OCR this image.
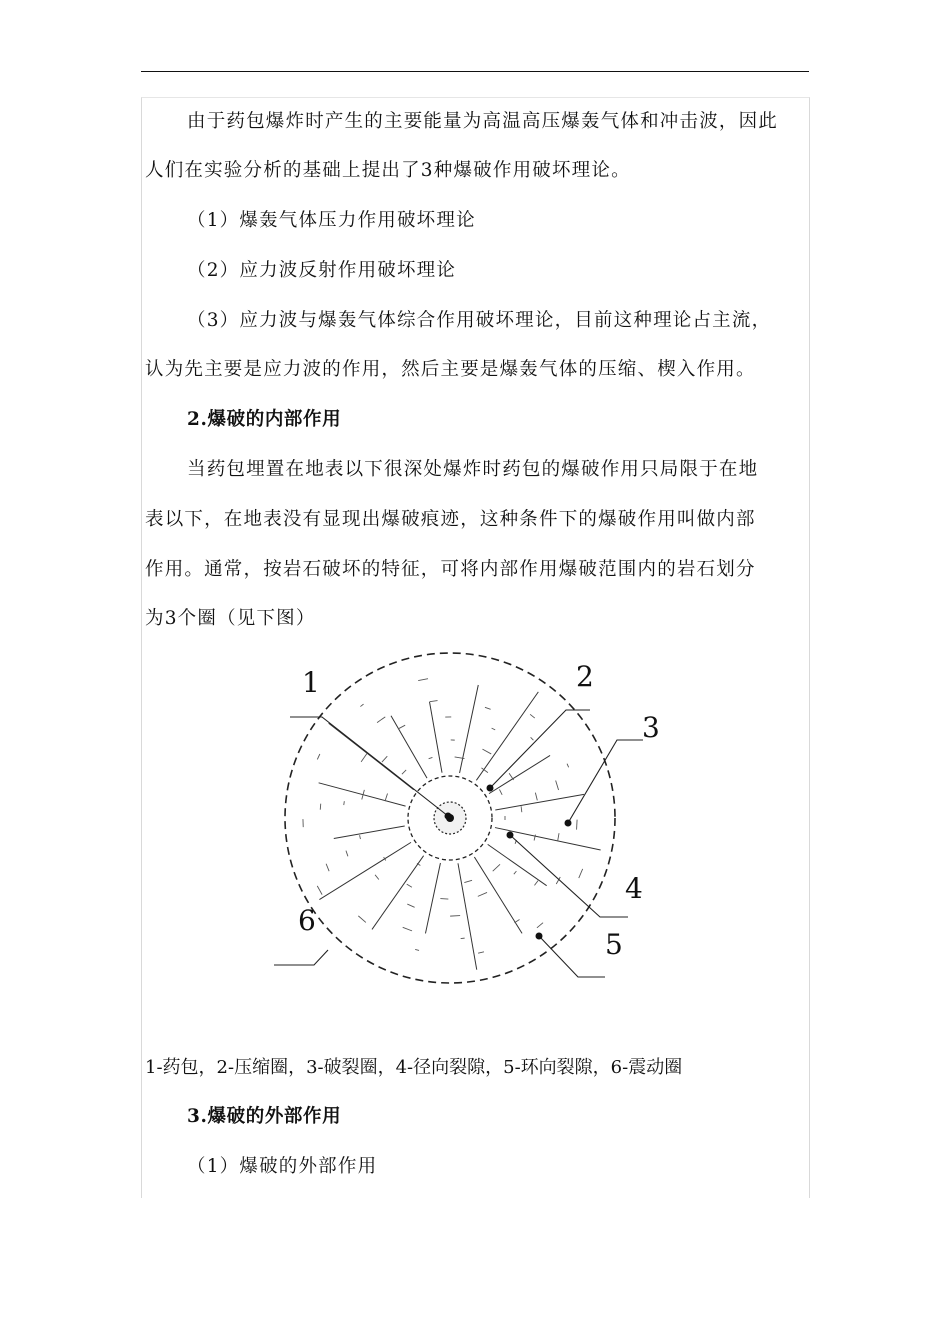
由于药包爆炸时产生的主要能量为高温高压爆轰气体和冲击波，因此
人们在实验分析的基础上提出了3种爆破作用破坏理论。
（1）爆轰气体压力作用破坏理论
（2）应力波反射作用破坏理论
（3）应力波与爆轰气体综合作用破坏理论，目前这种理论占主流，
认为先主要是应力波的作用，然后主要是爆轰气体的压缩、楔入作用。
2.爆破的内部作用
当药包埋置在地表以下很深处爆炸时药包的爆破作用只局限于在地
表以下，在地表没有显现出爆破痕迹，这种条件下的爆破作用叫做内部
作用。通常，按岩石破坏的特征，可将内部作用爆破范围内的岩石划分
为3个圈（见下图）
1	2
3
4
5
6
1-药包，2-压缩圈，3-破裂圈，4-径向裂隙，5-环向裂隙，6-震动圈
3.爆破的外部作用
（1）爆破的外部作用
